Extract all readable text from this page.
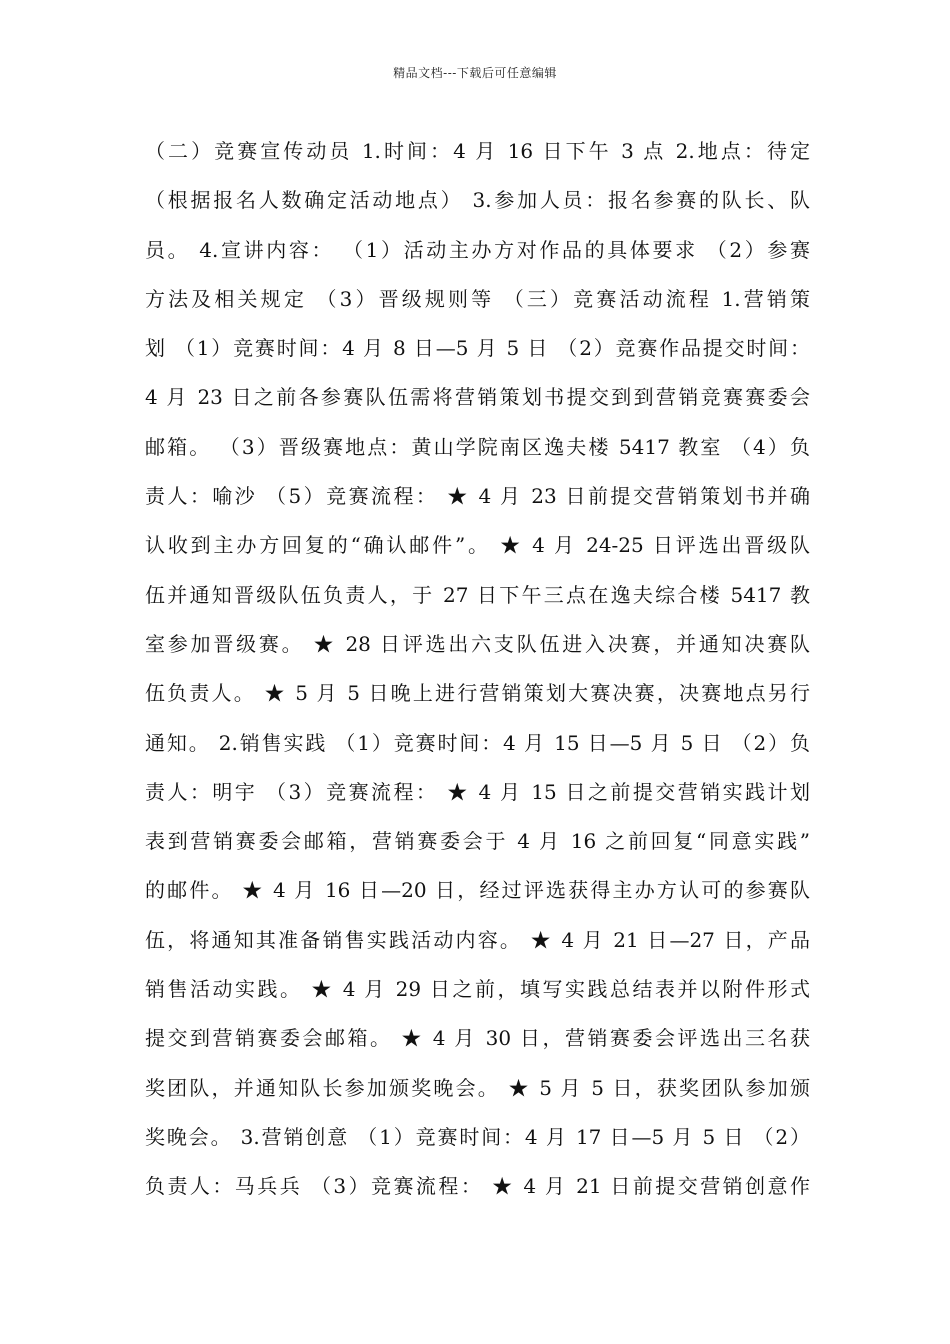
精品文档---下载后可任意编辑
（二）竞赛宣传动员 1.时间：4 月 16 日下午 3 点 2.地点：待定
（根据报名人数确定活动地点） 3.参加人员：报名参赛的队长、队
员。 4.宣讲内容： （1）活动主办方对作品的具体要求 （2）参赛
方法及相关规定 （3）晋级规则等 （三）竞赛活动流程 1.营销策
划 （1）竞赛时间：4 月 8 日—5 月 5 日 （2）竞赛作品提交时间：
4 月 23 日之前各参赛队伍需将营销策划书提交到到营销竞赛赛委会
邮箱。 （3）晋级赛地点：黄山学院南区逸夫楼 5417 教室 （4）负
责人：喻沙 （5）竞赛流程： ★ 4 月 23 日前提交营销策划书并确
认收到主办方回复的“确认邮件”。 ★ 4 月 24-25 日评选出晋级队
伍并通知晋级队伍负责人，于 27 日下午三点在逸夫综合楼 5417 教
室参加晋级赛。 ★ 28 日评选出六支队伍进入决赛，并通知决赛队
伍负责人。 ★ 5 月 5 日晚上进行营销策划大赛决赛，决赛地点另行
通知。 2.销售实践 （1）竞赛时间：4 月 15 日—5 月 5 日 （2）负
责人：明宇 （3）竞赛流程： ★ 4 月 15 日之前提交营销实践计划
表到营销赛委会邮箱，营销赛委会于 4 月 16 之前回复“同意实践”
的邮件。 ★ 4 月 16 日—20 日，经过评选获得主办方认可的参赛队
伍，将通知其准备销售实践活动内容。 ★ 4 月 21 日—27 日，产品
销售活动实践。 ★ 4 月 29 日之前，填写实践总结表并以附件形式
提交到营销赛委会邮箱。 ★ 4 月 30 日，营销赛委会评选出三名获
奖团队，并通知队长参加颁奖晚会。 ★ 5 月 5 日，获奖团队参加颁
奖晚会。 3.营销创意 （1）竞赛时间：4 月 17 日—5 月 5 日 （2）
负责人：马兵兵 （3）竞赛流程： ★ 4 月 21 日前提交营销创意作
